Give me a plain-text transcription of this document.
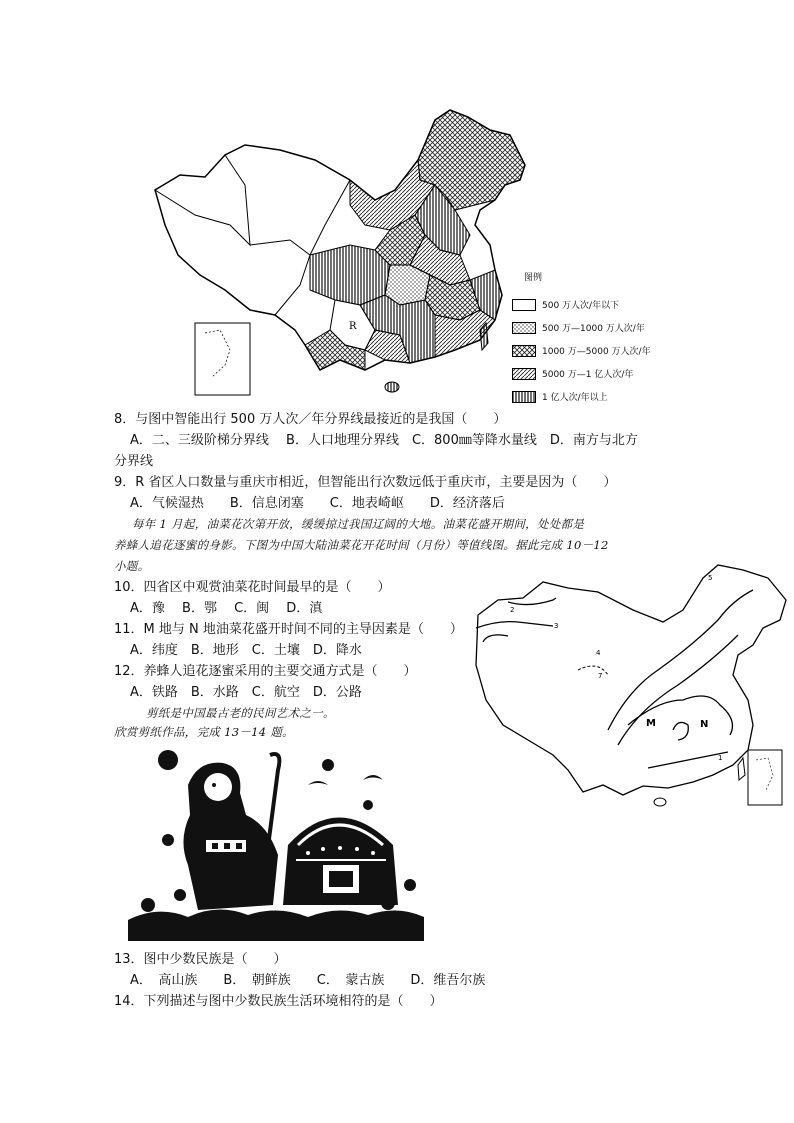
R
图例
500 万人次/年以下
500 万—1000 万人次/年
1000 万—5000 万人次/年
5000 万—1 亿人次/年
1 亿人次/年以上
8．与图中智能出行 500 万人次／年分界线最接近的是我国（　　）
A．二、三级阶梯分界线　 B．人口地理分界线　C．800㎜等降水量线　D．南方与北方
分界线
9．R 省区人口数量与重庆市相近，但智能出行次数远低于重庆市，主要是因为（　　）
A．气候湿热　　B．信息闭塞　　C．地表崎岖　　D．经济落后
每年 1 月起，油菜花次第开放，缓缓掠过我国辽阔的大地。油菜花盛开期间，处处都是
养蜂人追花逐蜜的身影。下图为中国大陆油菜花开花时间（月份）等值线图。据此完成 10－12
小题。
10．四省区中观赏油菜花时间最早的是（　　）
A．豫　 B．鄂　 C．闽　 D．滇
11．M 地与 N 地油菜花盛开时间不同的主导因素是（　　）
A．纬度　B．地形　C．土壤　D．降水
12．养蜂人追花逐蜜采用的主要交通方式是（　　）
A．铁路　B．水路　C．航空　D．公路
M	N
2
3
4
5
7
1
剪纸是中国最古老的民间艺术之一。
欣赏剪纸作品，完成 13－14 题。
13．图中少数民族是（　　）
A．　高山族　　B．　朝鲜族　　C．　蒙古族　　D．维吾尔族
14．下列描述与图中少数民族生活环境相符的是（　　）
